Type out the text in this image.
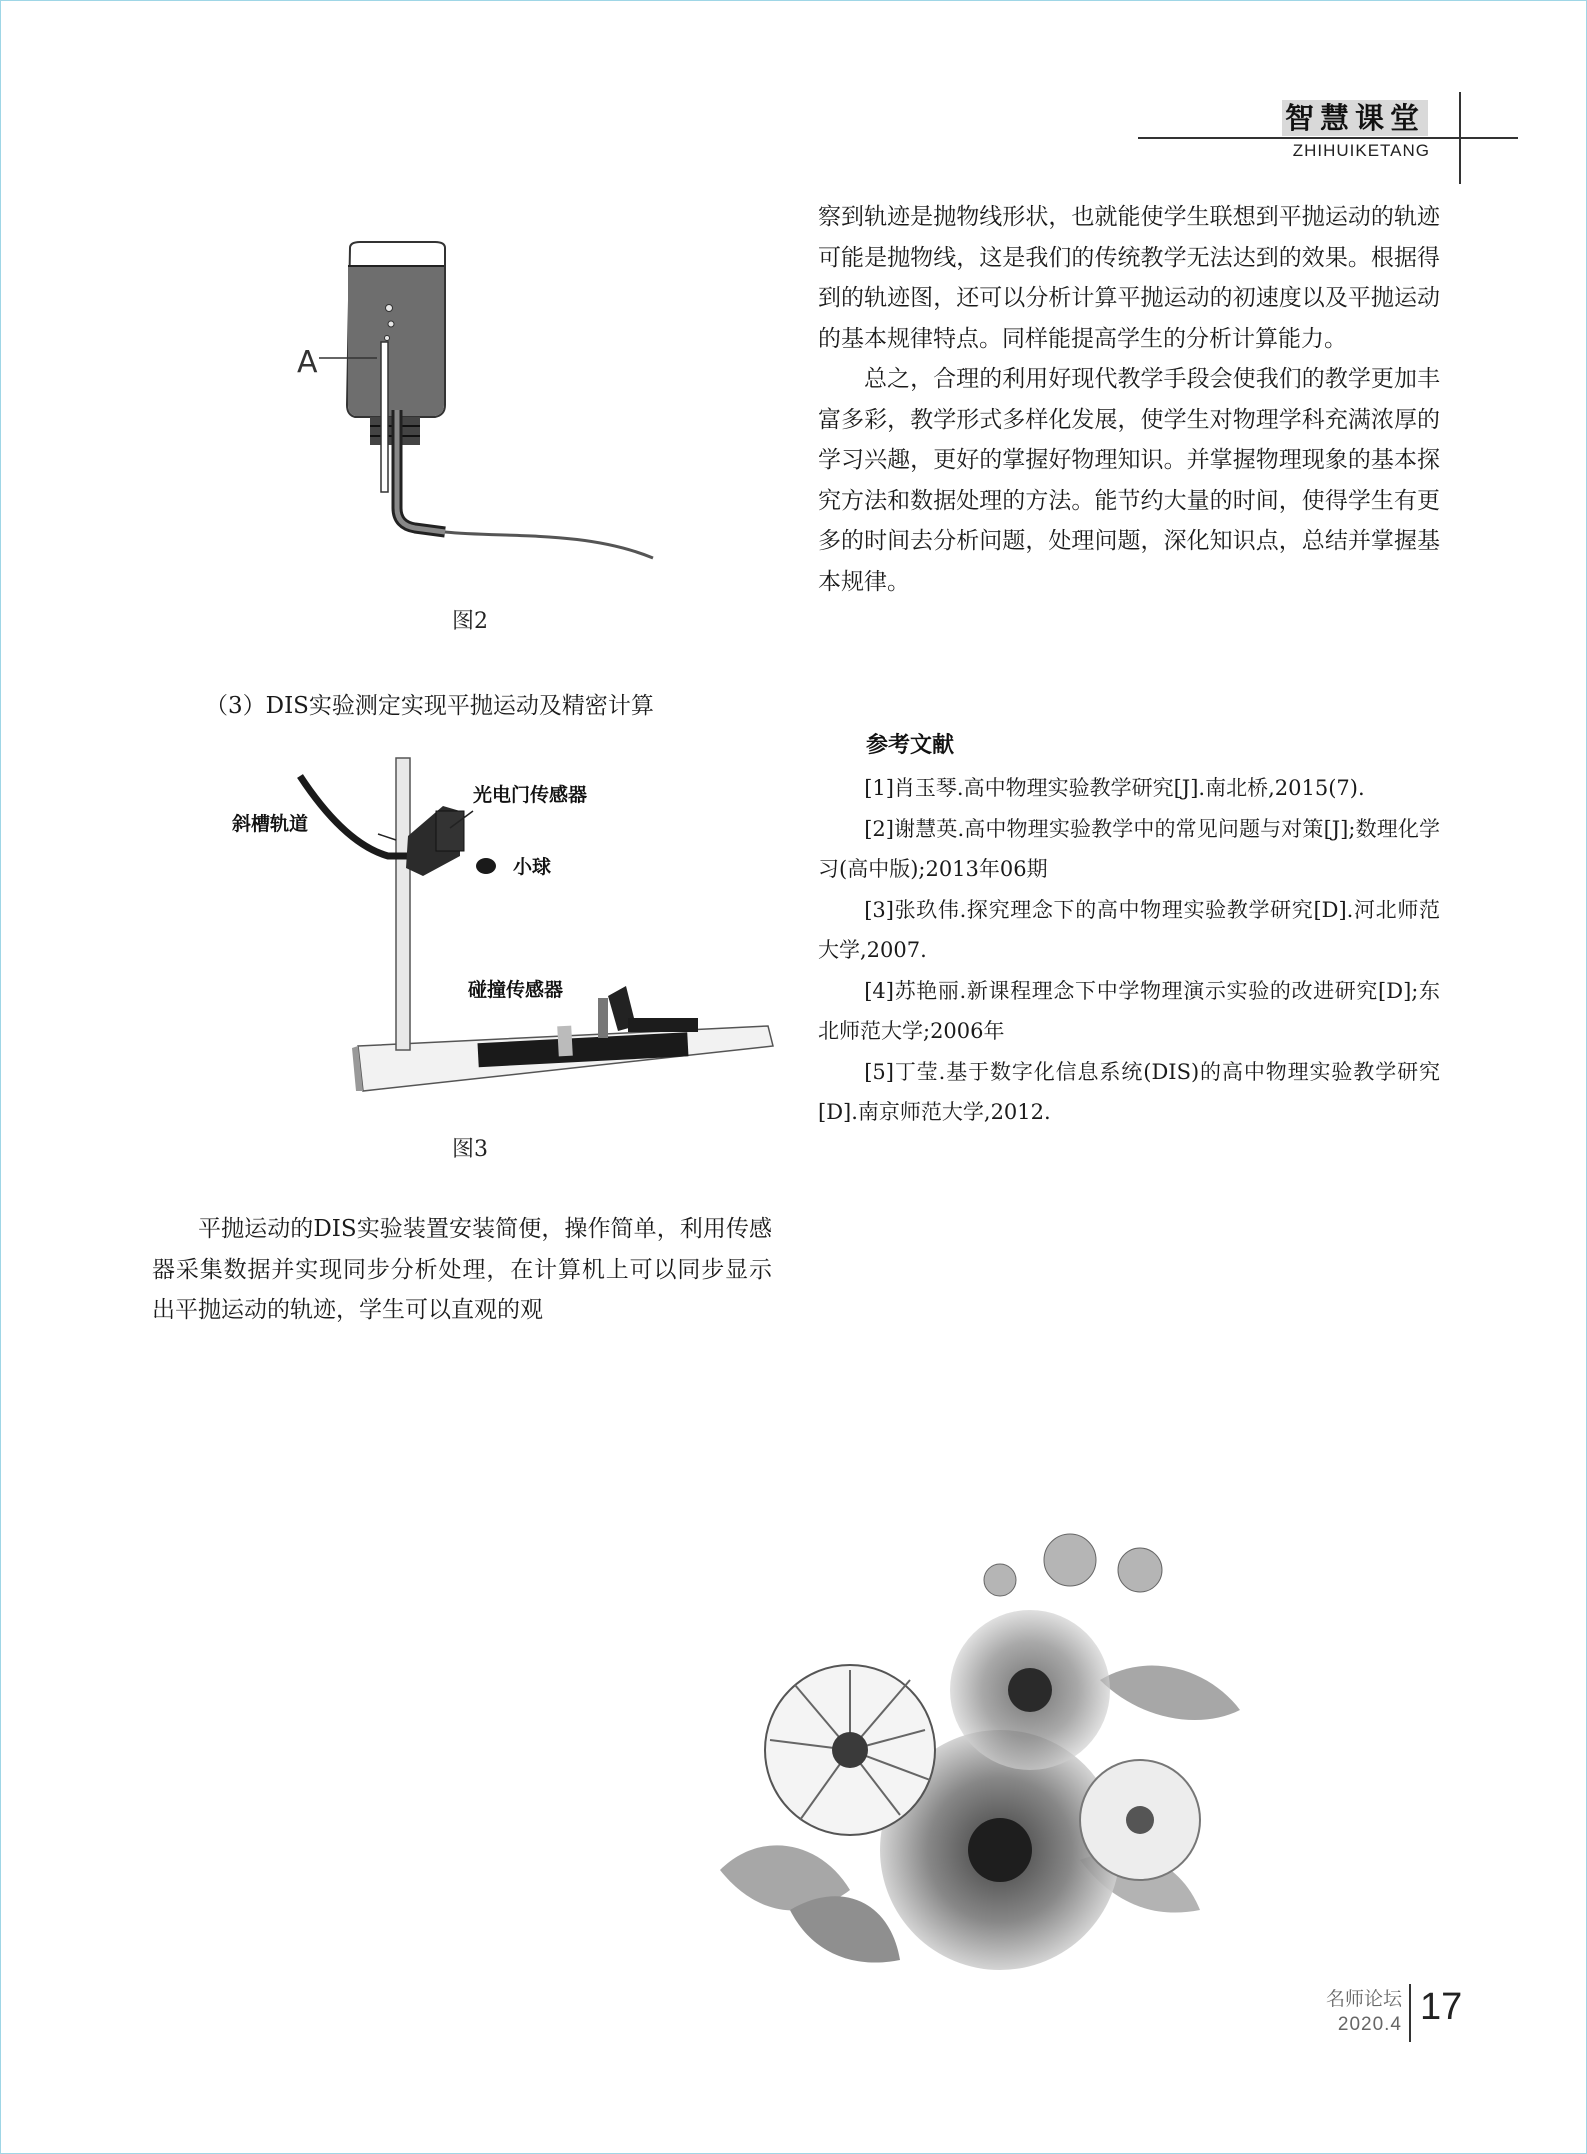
智慧课堂
ZHIHUIKETANG
A
图2
（3）DIS实验测定实现平抛运动及精密计算
光电门传感器
斜槽轨道
小球
碰撞传感器
图3

平抛运动的DIS实验装置安装简便，操作简单，利用传感器采集数据并实现同步分析处理，在计算机上可以同步显示出平抛运动的轨迹，学生可以直观的观

察到轨迹是抛物线形状，也就能使学生联想到平抛运动的轨迹可能是抛物线，这是我们的传统教学无法达到的效果。根据得到的轨迹图，还可以分析计算平抛运动的初速度以及平抛运动的基本规律特点。同样能提高学生的分析计算能力。

总之，合理的利用好现代教学手段会使我们的教学更加丰富多彩，教学形式多样化发展，使学生对物理学科充满浓厚的学习兴趣，更好的掌握好物理知识。并掌握物理现象的基本探究方法和数据处理的方法。能节约大量的时间，使得学生有更多的时间去分析问题，处理问题，深化知识点，总结并掌握基本规律。

参考文献

[1]肖玉琴.高中物理实验教学研究[J].南北桥,2015(7).

[2]谢慧英.高中物理实验教学中的常见问题与对策[J];数理化学习(高中版);2013年06期

[3]张玖伟.探究理念下的高中物理实验教学研究[D].河北师范大学,2007.

[4]苏艳丽.新课程理念下中学物理演示实验的改进研究[D];东北师范大学;2006年

[5]丁莹.基于数字化信息系统(DIS)的高中物理实验教学研究[D].南京师范大学,2012.

名师论坛
2020.4 17
